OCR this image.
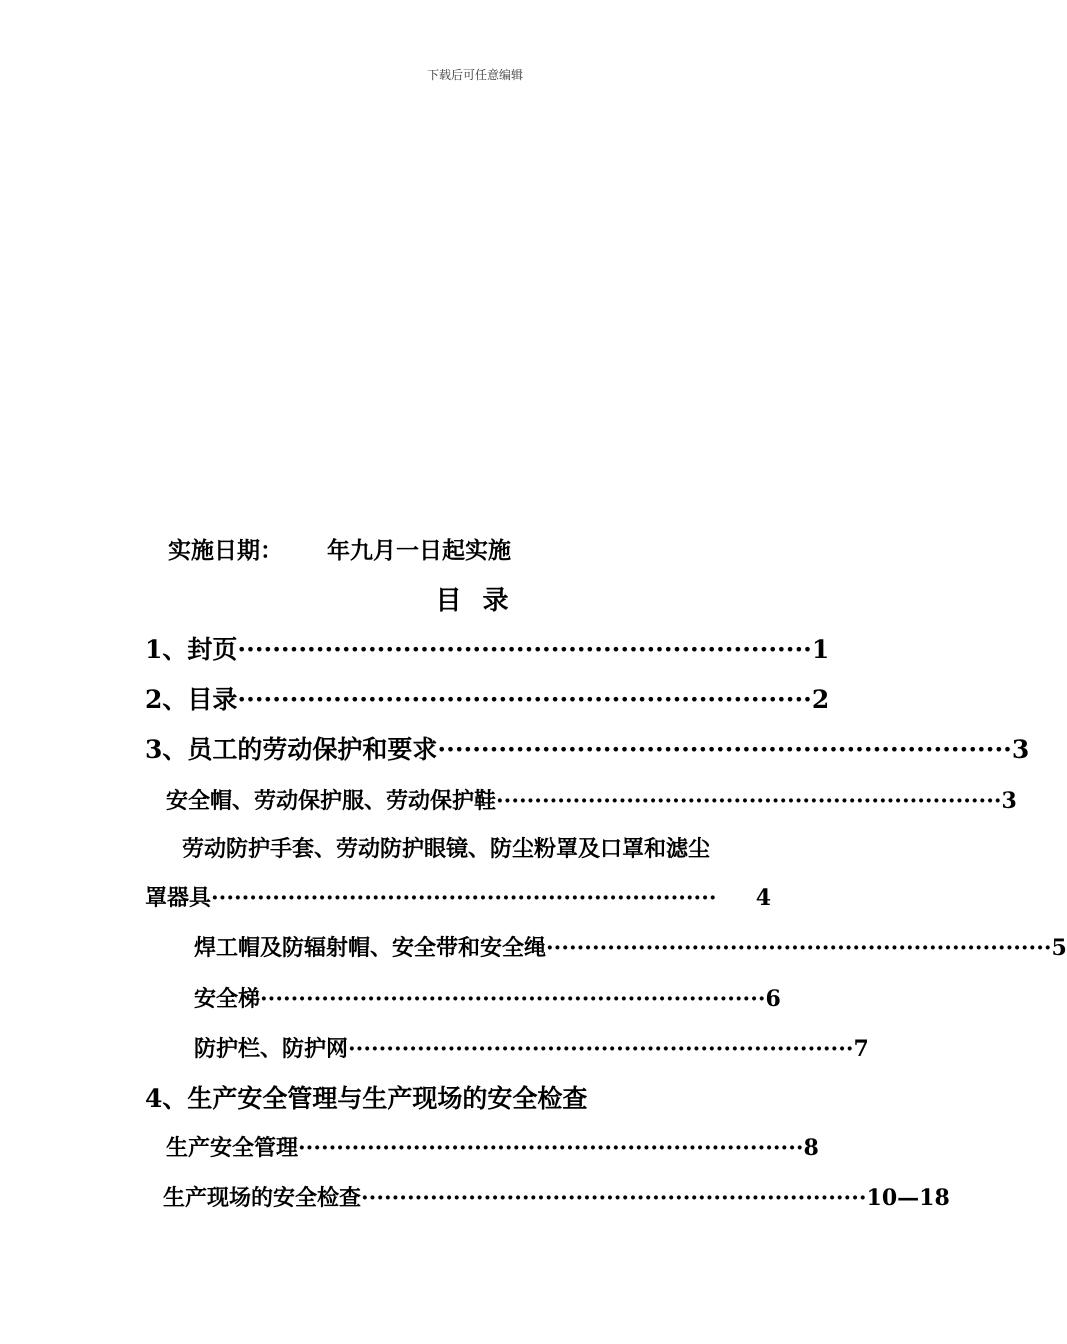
下载后可任意编辑
实施日期： 年九月一日起实施
目 录
1、封页 ·································································· 1
2、目录 ·································································· 2
3、员工的劳动保护和要求 ·································································· 3
安全帽、劳动保护服、劳动保护鞋 ·································································· 3
劳动防护手套、劳动防护眼镜、防尘粉罩及口罩和滤尘
罩器具 ··································································	4
焊工帽及防辐射帽、安全带和安全绳 ·································································· 5
安全梯 ·································································· 6
防护栏、防护网 ·································································· 7
4、生产安全管理与生产现场的安全检查
生产安全管理 ·································································· 8
生产现场的安全检查 ·································································· 10—18
